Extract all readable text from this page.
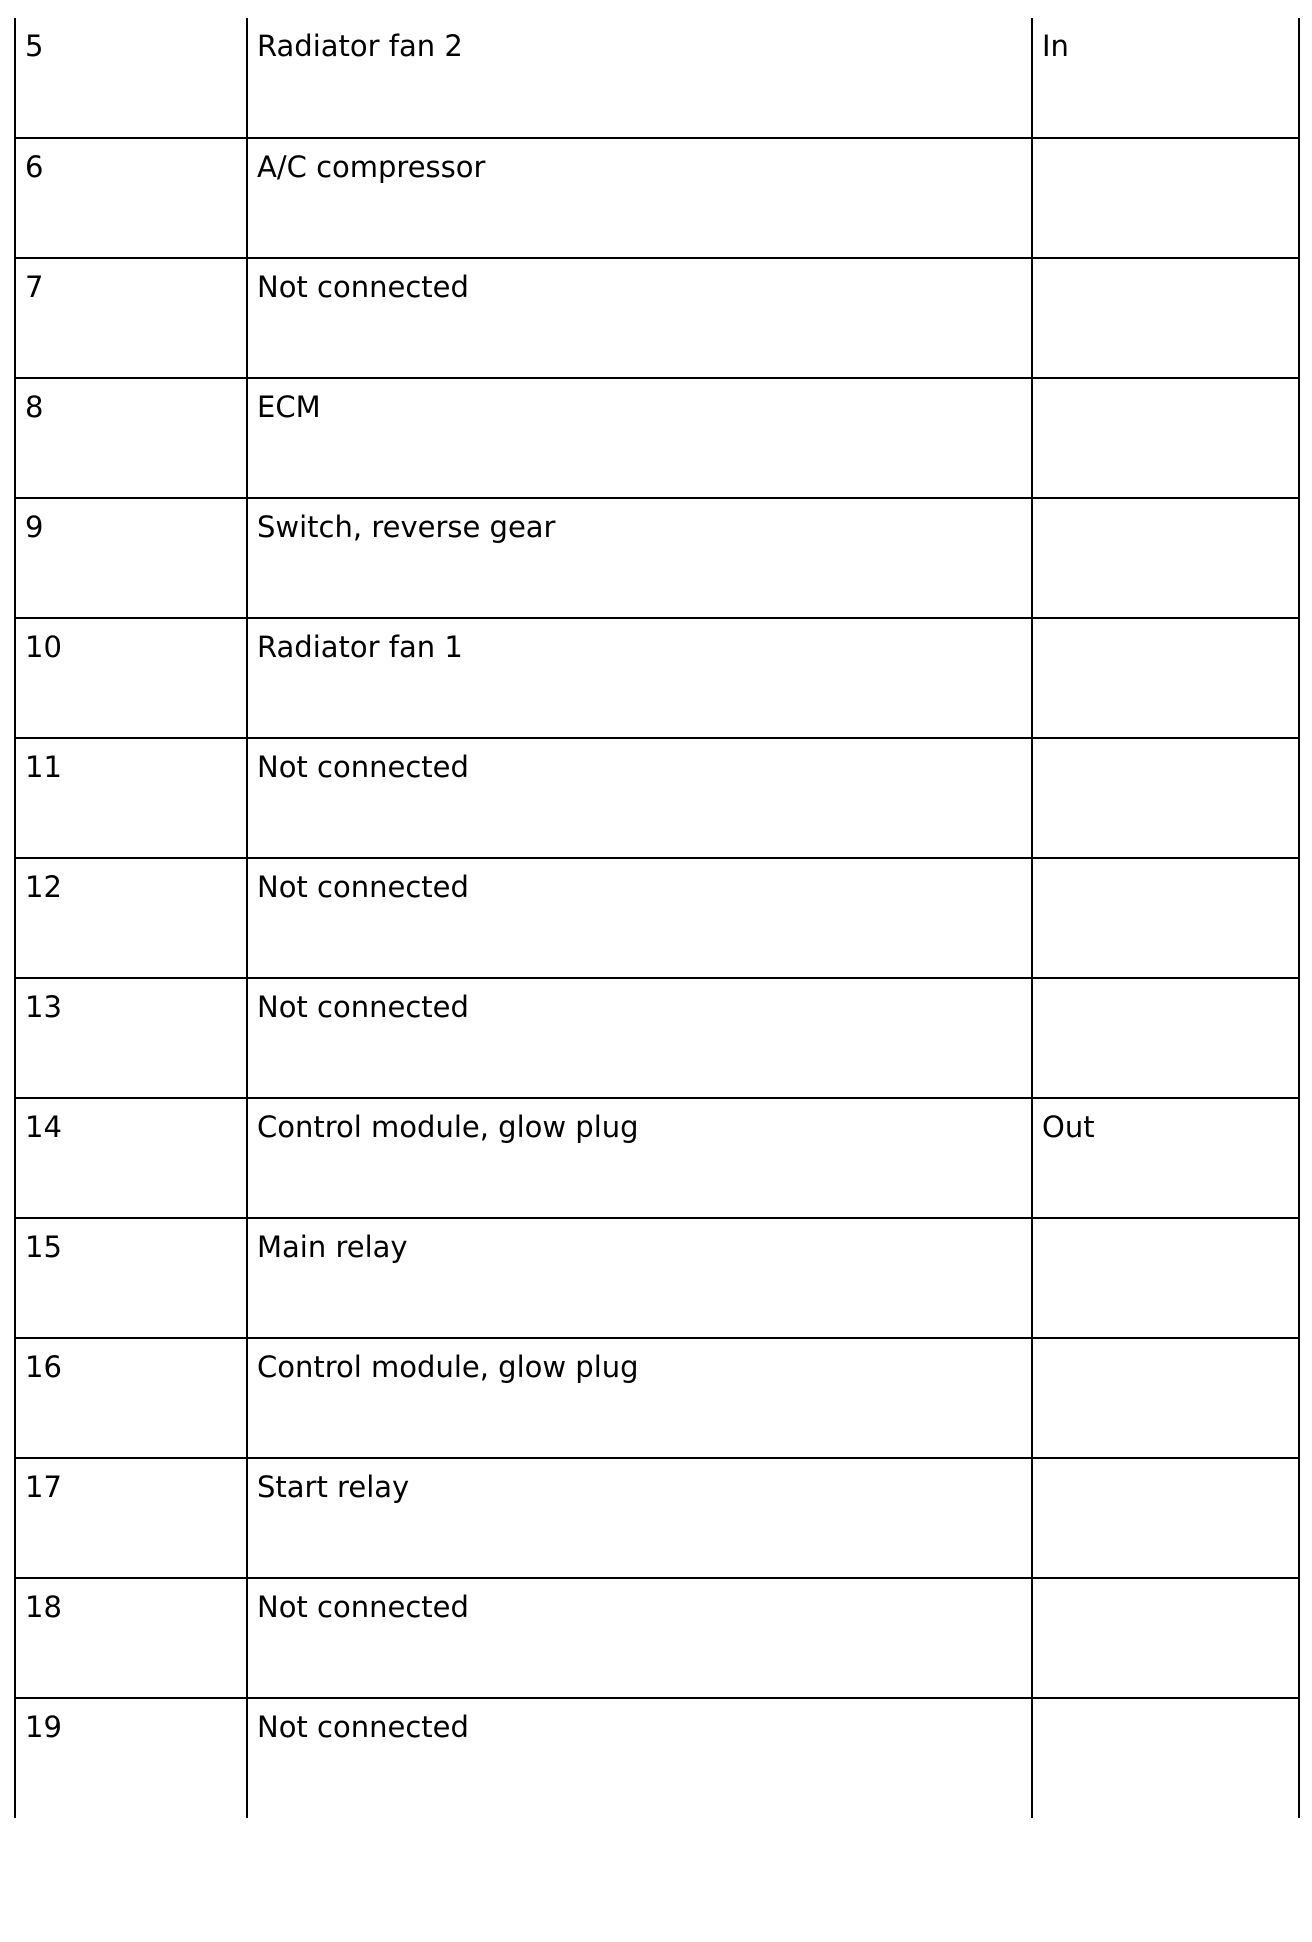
5	Radiator fan 2	In
6	A/C compressor	
7	Not connected	
8	ECM	
9	Switch, reverse gear	
10	Radiator fan 1	
11	Not connected	
12	Not connected	
13	Not connected	
14	Control module, glow plug	Out
15	Main relay	
16	Control module, glow plug	
17	Start relay	
18	Not connected	
19	Not connected	
